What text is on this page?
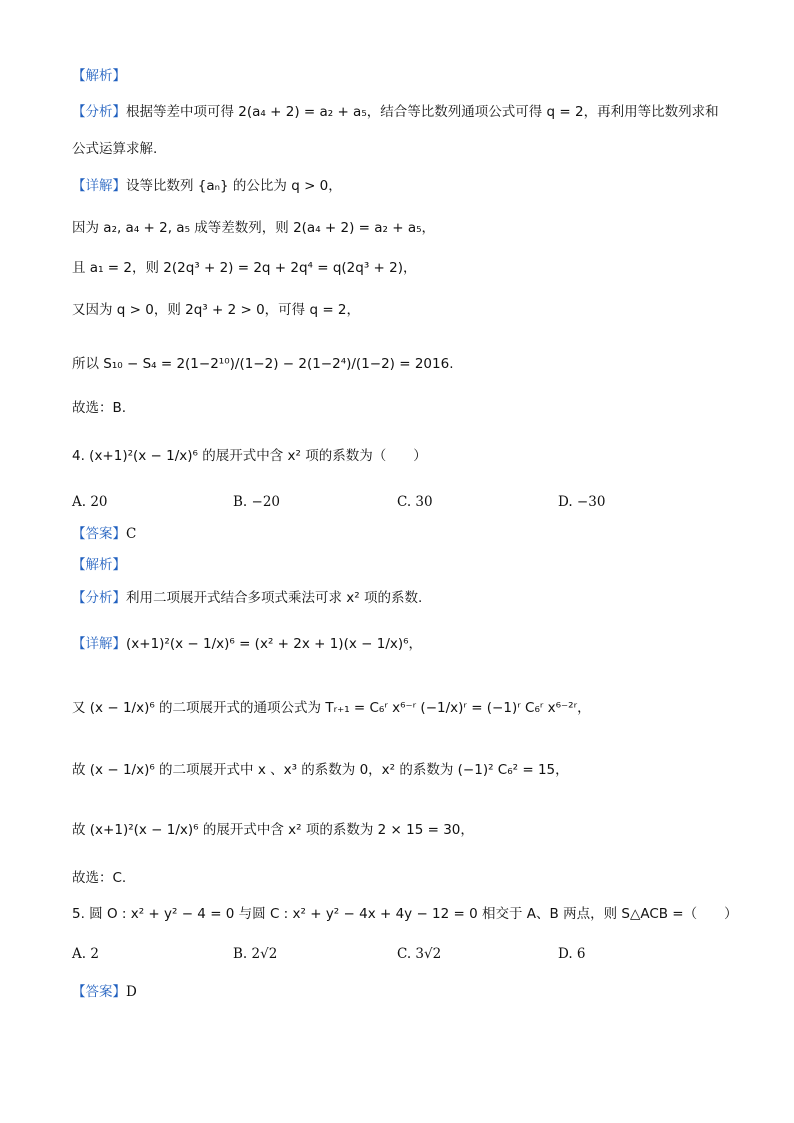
【解析】
【分析】根据等差中项可得 2(a₄ + 2) = a₂ + a₅，结合等比数列通项公式可得 q = 2，再利用等比数列求和
公式运算求解.
【详解】设等比数列 {aₙ} 的公比为 q > 0，
因为 a₂, a₄ + 2, a₅ 成等差数列，则 2(a₄ + 2) = a₂ + a₅，
且 a₁ = 2，则 2(2q³ + 2) = 2q + 2q⁴ = q(2q³ + 2)，
又因为 q > 0，则 2q³ + 2 > 0，可得 q = 2，
所以 S₁₀ − S₄ = 2(1−2¹⁰)/(1−2) − 2(1−2⁴)/(1−2) = 2016.
故选：B.
4. (x+1)²(x − 1/x)⁶ 的展开式中含 x² 项的系数为（　　）
A. 20	B. −20	C. 30	D. −30
【答案】C
【解析】
【分析】利用二项展开式结合多项式乘法可求 x² 项的系数.
【详解】(x+1)²(x − 1/x)⁶ = (x² + 2x + 1)(x − 1/x)⁶，
又 (x − 1/x)⁶ 的二项展开式的通项公式为 Tᵣ₊₁ = C₆ʳ x⁶⁻ʳ (−1/x)ʳ = (−1)ʳ C₆ʳ x⁶⁻²ʳ，
故 (x − 1/x)⁶ 的二项展开式中 x 、x³ 的系数为 0，x² 的系数为 (−1)² C₆² = 15，
故 (x+1)²(x − 1/x)⁶ 的展开式中含 x² 项的系数为 2 × 15 = 30，
故选：C.
5. 圆 O : x² + y² − 4 = 0 与圆 C : x² + y² − 4x + 4y − 12 = 0 相交于 A、B 两点，则 S△ACB =（　　）
A. 2	B. 2√2	C. 3√2	D. 6
【答案】D
